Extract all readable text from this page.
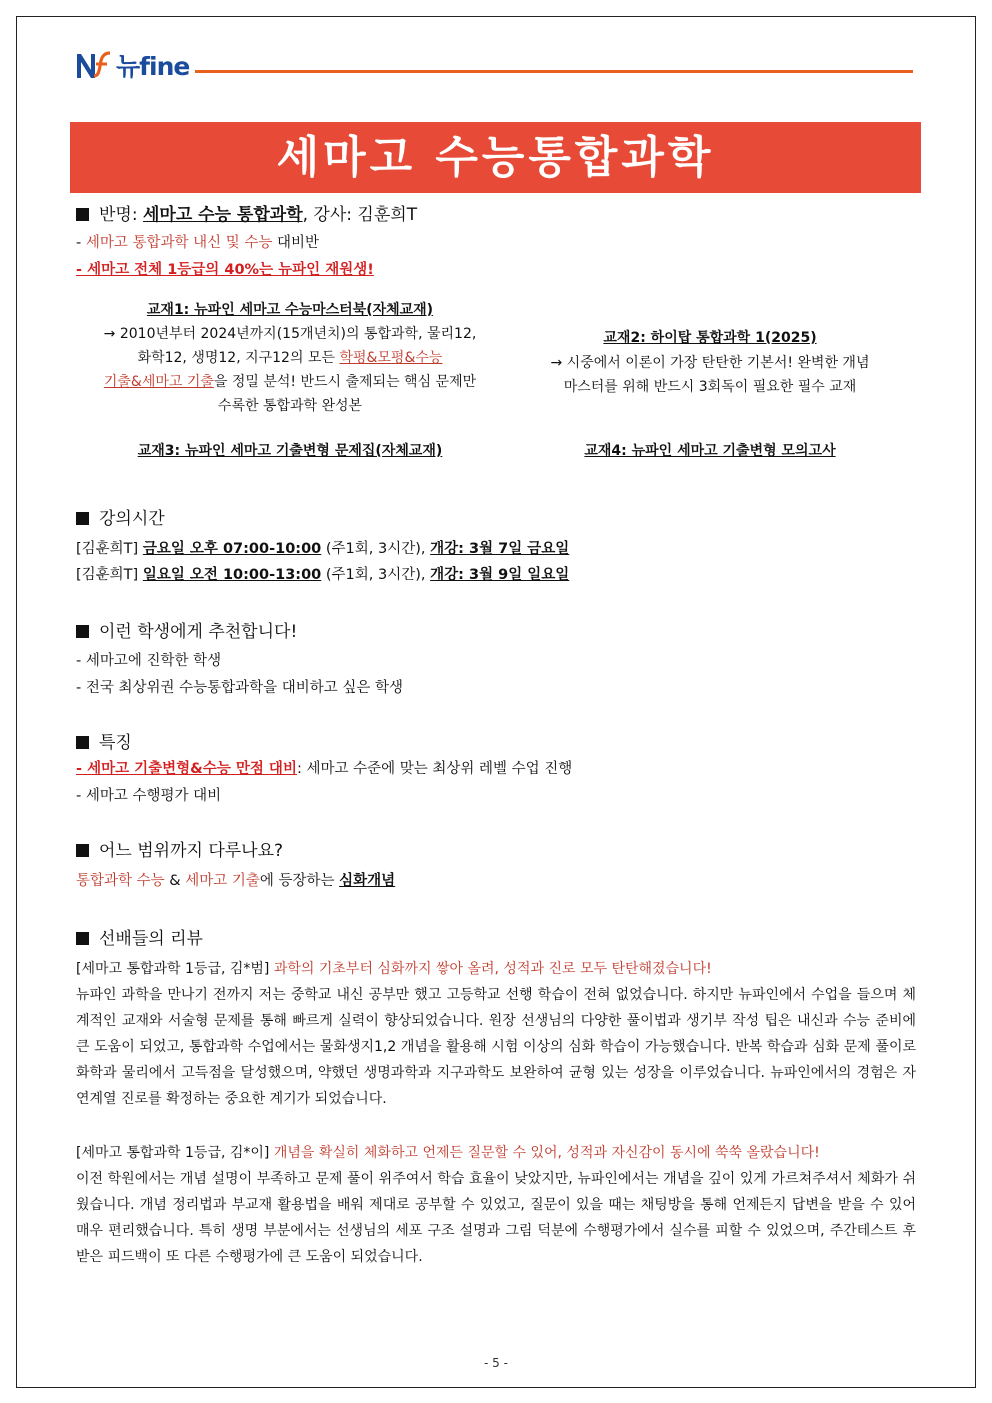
뉴fine
세마고 수능통합과학
반명: 세마고 수능 통합과학, 강사: 김훈희T
- 세마고 통합과학 내신 및 수능 대비반
- 세마고 전체 1등급의 40%는 뉴파인 재원생!
교재1: 뉴파인 세마고 수능마스터북(자체교재)
→ 2010년부터 2024년까지(15개년치)의 통합과학, 물리12,
화학12, 생명12, 지구12의 모든 학평&모평&수능
기출&세마고 기출을 정밀 분석! 반드시 출제되는 핵심 문제만
수록한 통합과학 완성본
교재2: 하이탑 통합과학 1(2025)
→ 시중에서 이론이 가장 탄탄한 기본서! 완벽한 개념
마스터를 위해 반드시 3회독이 필요한 필수 교재
교재3: 뉴파인 세마고 기출변형 문제집(자체교재)	교재4: 뉴파인 세마고 기출변형 모의고사
강의시간
[김훈희T] 금요일 오후 07:00-10:00 (주1회, 3시간), 개강: 3월 7일 금요일
[김훈희T] 일요일 오전 10:00-13:00 (주1회, 3시간), 개강: 3월 9일 일요일
이런 학생에게 추천합니다!
- 세마고에 진학한 학생
- 전국 최상위권 수능통합과학을 대비하고 싶은 학생
특징
- 세마고 기출변형&수능 만점 대비: 세마고 수준에 맞는 최상위 레벨 수업 진행
- 세마고 수행평가 대비
어느 범위까지 다루나요?
통합과학 수능 & 세마고 기출에 등장하는 심화개념
선배들의 리뷰
[세마고 통합과학 1등급, 김*범] 과학의 기초부터 심화까지 쌓아 올려, 성적과 진로 모두 탄탄해졌습니다!
뉴파인 과학을 만나기 전까지 저는 중학교 내신 공부만 했고 고등학교 선행 학습이 전혀 없었습니다. 하지만 뉴파인에서 수업을 들으며 체계적인 교재와 서술형 문제를 통해 빠르게 실력이 향상되었습니다. 원장 선생님의 다양한 풀이법과 생기부 작성 팁은 내신과 수능 준비에 큰 도움이 되었고, 통합과학 수업에서는 물화생지1,2 개념을 활용해 시험 이상의 심화 학습이 가능했습니다. 반복 학습과 심화 문제 풀이로 화학과 물리에서 고득점을 달성했으며, 약했던 생명과학과 지구과학도 보완하여 균형 있는 성장을 이루었습니다. 뉴파인에서의 경험은 자연계열 진로를 확정하는 중요한 계기가 되었습니다.
[세마고 통합과학 1등급, 김*이] 개념을 확실히 체화하고 언제든 질문할 수 있어, 성적과 자신감이 동시에 쑥쑥 올랐습니다!
이전 학원에서는 개념 설명이 부족하고 문제 풀이 위주여서 학습 효율이 낮았지만, 뉴파인에서는 개념을 깊이 있게 가르쳐주셔서 체화가 쉬웠습니다. 개념 정리법과 부교재 활용법을 배워 제대로 공부할 수 있었고, 질문이 있을 때는 채팅방을 통해 언제든지 답변을 받을 수 있어 매우 편리했습니다. 특히 생명 부분에서는 선생님의 세포 구조 설명과 그림 덕분에 수행평가에서 실수를 피할 수 있었으며, 주간테스트 후 받은 피드백이 또 다른 수행평가에 큰 도움이 되었습니다.
- 5 -
